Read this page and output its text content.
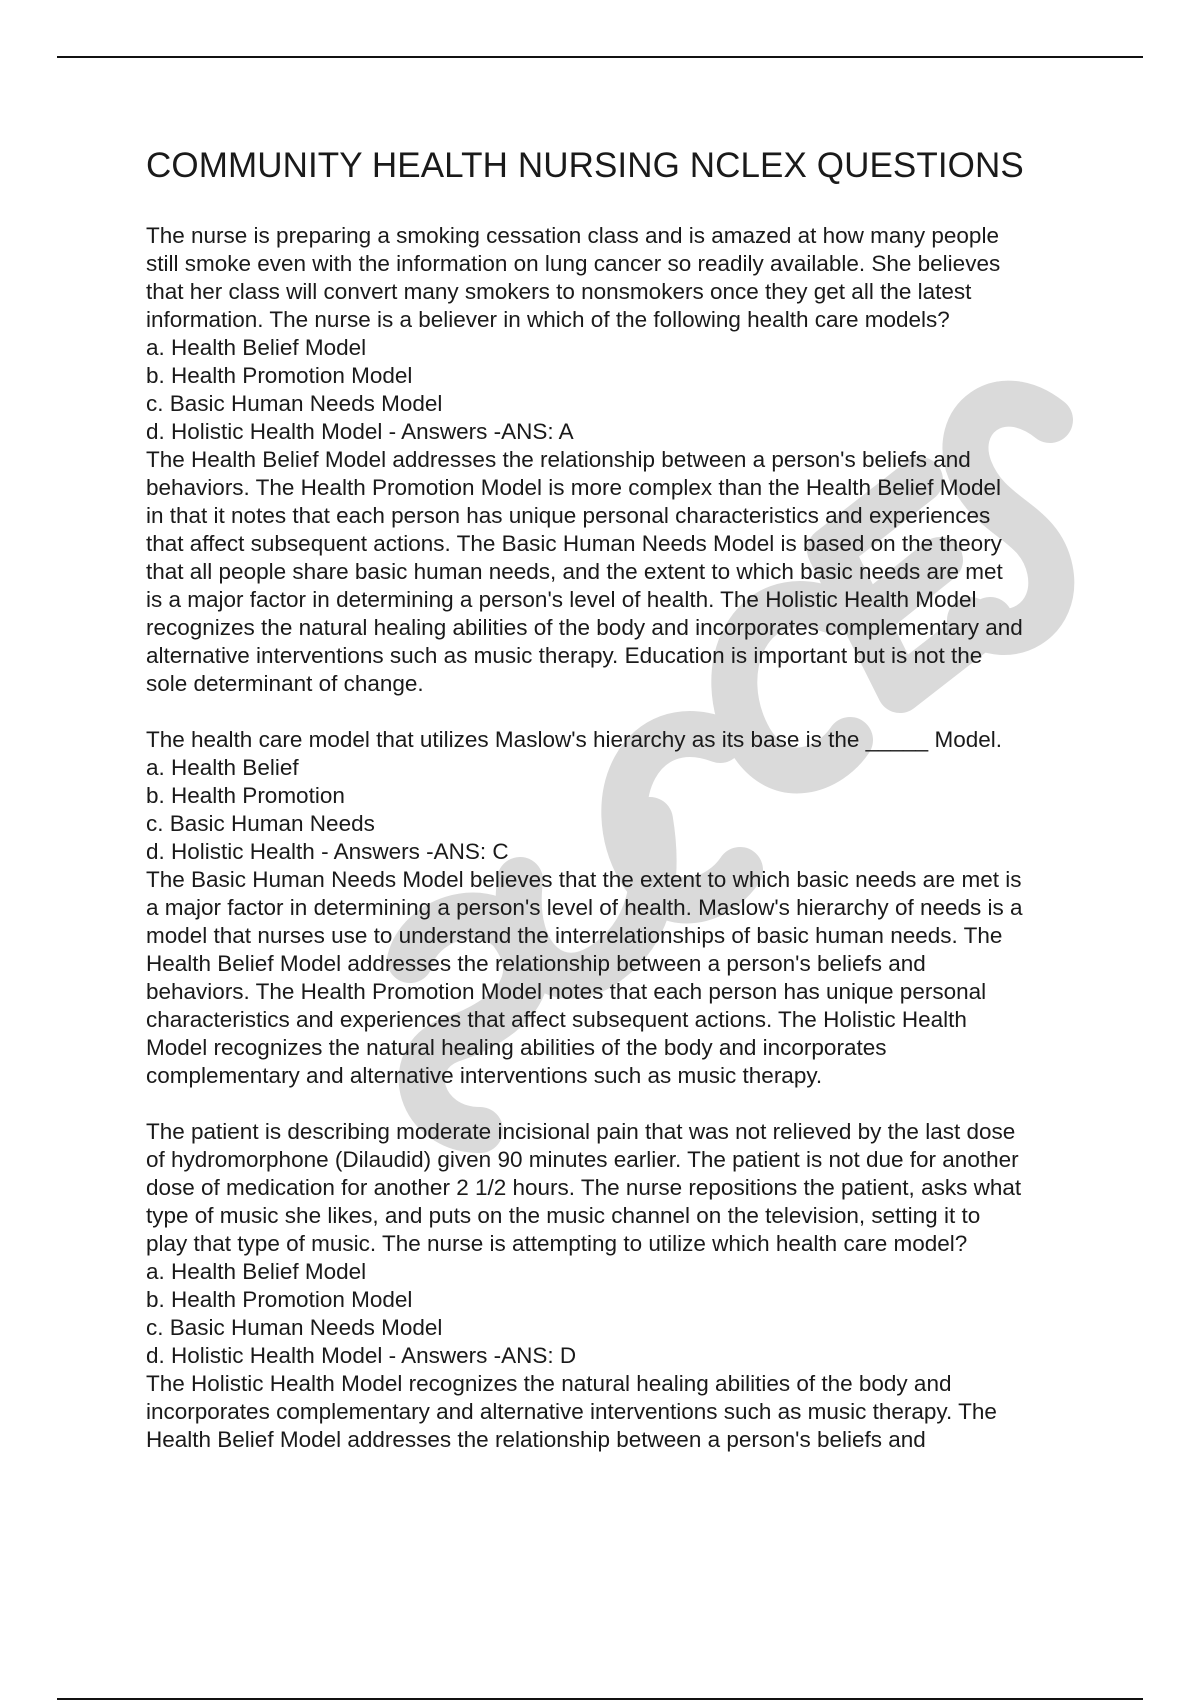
COMMUNITY HEALTH NURSING NCLEX QUESTIONS
The nurse is preparing a smoking cessation class and is amazed at how many people
still smoke even with the information on lung cancer so readily available. She believes
that her class will convert many smokers to nonsmokers once they get all the latest
information. The nurse is a believer in which of the following health care models?
a. Health Belief Model
b. Health Promotion Model
c. Basic Human Needs Model
d. Holistic Health Model - Answers -ANS: A
The Health Belief Model addresses the relationship between a person's beliefs and
behaviors. The Health Promotion Model is more complex than the Health Belief Model
in that it notes that each person has unique personal characteristics and experiences
that affect subsequent actions. The Basic Human Needs Model is based on the theory
that all people share basic human needs, and the extent to which basic needs are met
is a major factor in determining a person's level of health. The Holistic Health Model
recognizes the natural healing abilities of the body and incorporates complementary and
alternative interventions such as music therapy. Education is important but is not the
sole determinant of change.
The health care model that utilizes Maslow's hierarchy as its base is the _____ Model.
a. Health Belief
b. Health Promotion
c. Basic Human Needs
d. Holistic Health - Answers -ANS: C
The Basic Human Needs Model believes that the extent to which basic needs are met is
a major factor in determining a person's level of health. Maslow's hierarchy of needs is a
model that nurses use to understand the interrelationships of basic human needs. The
Health Belief Model addresses the relationship between a person's beliefs and
behaviors. The Health Promotion Model notes that each person has unique personal
characteristics and experiences that affect subsequent actions. The Holistic Health
Model recognizes the natural healing abilities of the body and incorporates
complementary and alternative interventions such as music therapy.
The patient is describing moderate incisional pain that was not relieved by the last dose
of hydromorphone (Dilaudid) given 90 minutes earlier. The patient is not due for another
dose of medication for another 2 1/2 hours. The nurse repositions the patient, asks what
type of music she likes, and puts on the music channel on the television, setting it to
play that type of music. The nurse is attempting to utilize which health care model?
a. Health Belief Model
b. Health Promotion Model
c. Basic Human Needs Model
d. Holistic Health Model - Answers -ANS: D
The Holistic Health Model recognizes the natural healing abilities of the body and
incorporates complementary and alternative interventions such as music therapy. The
Health Belief Model addresses the relationship between a person's beliefs and
